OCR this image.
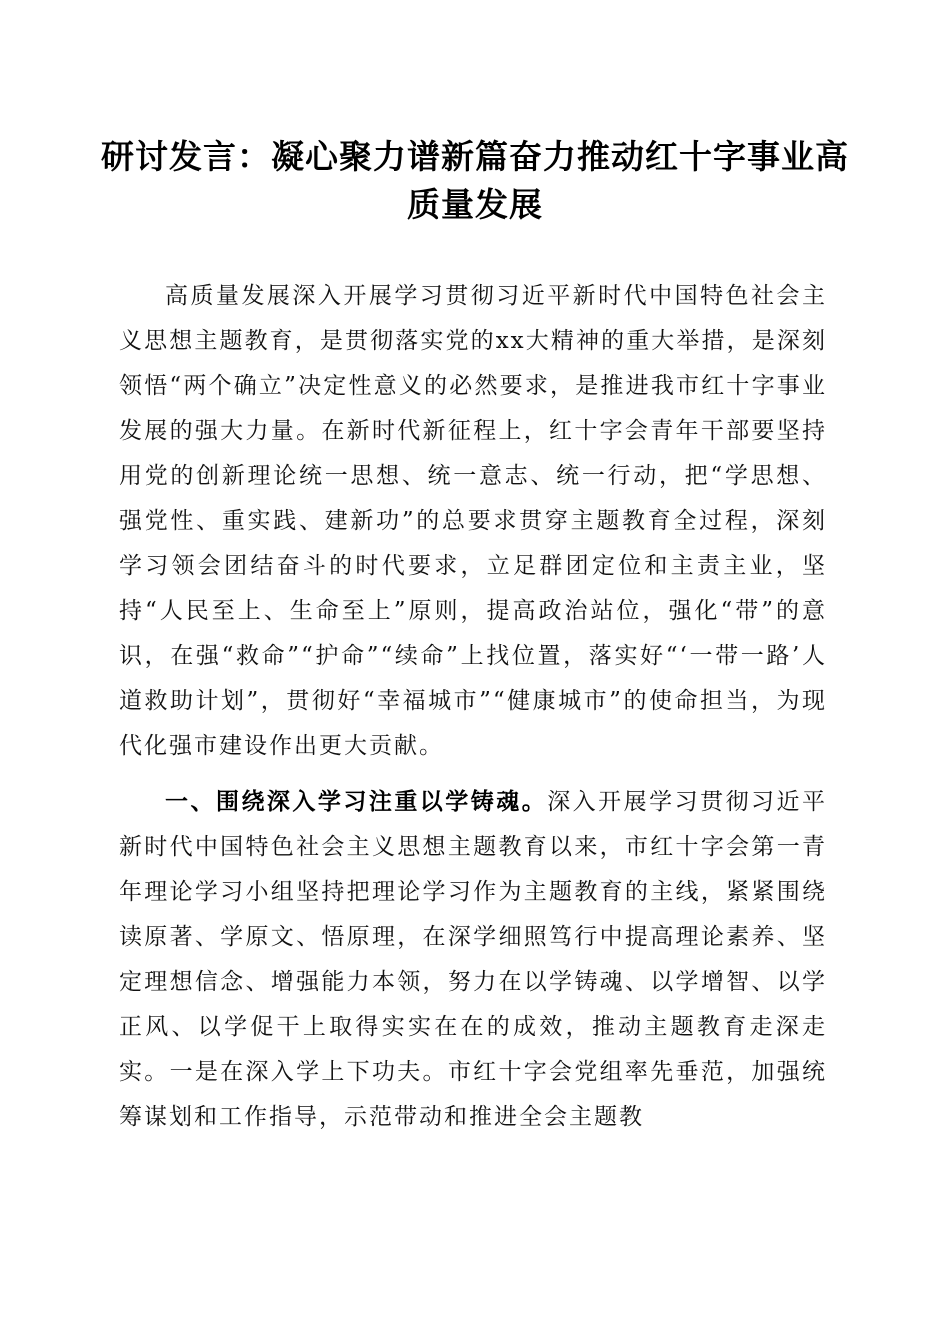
研讨发言：凝心聚力谱新篇奋力推动红十字事业高质量发展

高质量发展深入开展学习贯彻习近平新时代中国特色社会主义思想主题教育，是贯彻落实党的xx大精神的重大举措，是深刻领悟“两个确立”决定性意义的必然要求，是推进我市红十字事业发展的强大力量。在新时代新征程上，红十字会青年干部要坚持用党的创新理论统一思想、统一意志、统一行动，把“学思想、强党性、重实践、建新功”的总要求贯穿主题教育全过程，深刻学习领会团结奋斗的时代要求，立足群团定位和主责主业，坚持“人民至上、生命至上”原则，提高政治站位，强化“带”的意识，在强“救命”“护命”“续命”上找位置，落实好“‘一带一路’人道救助计划”，贯彻好“幸福城市”“健康城市”的使命担当，为现代化强市建设作出更大贡献。

一、围绕深入学习注重以学铸魂。深入开展学习贯彻习近平新时代中国特色社会主义思想主题教育以来，市红十字会第一青年理论学习小组坚持把理论学习作为主题教育的主线，紧紧围绕读原著、学原文、悟原理，在深学细照笃行中提高理论素养、坚定理想信念、增强能力本领，努力在以学铸魂、以学增智、以学正风、以学促干上取得实实在在的成效，推动主题教育走深走实。一是在深入学上下功夫。市红十字会党组率先垂范，加强统筹谋划和工作指导，示范带动和推进全会主题教
